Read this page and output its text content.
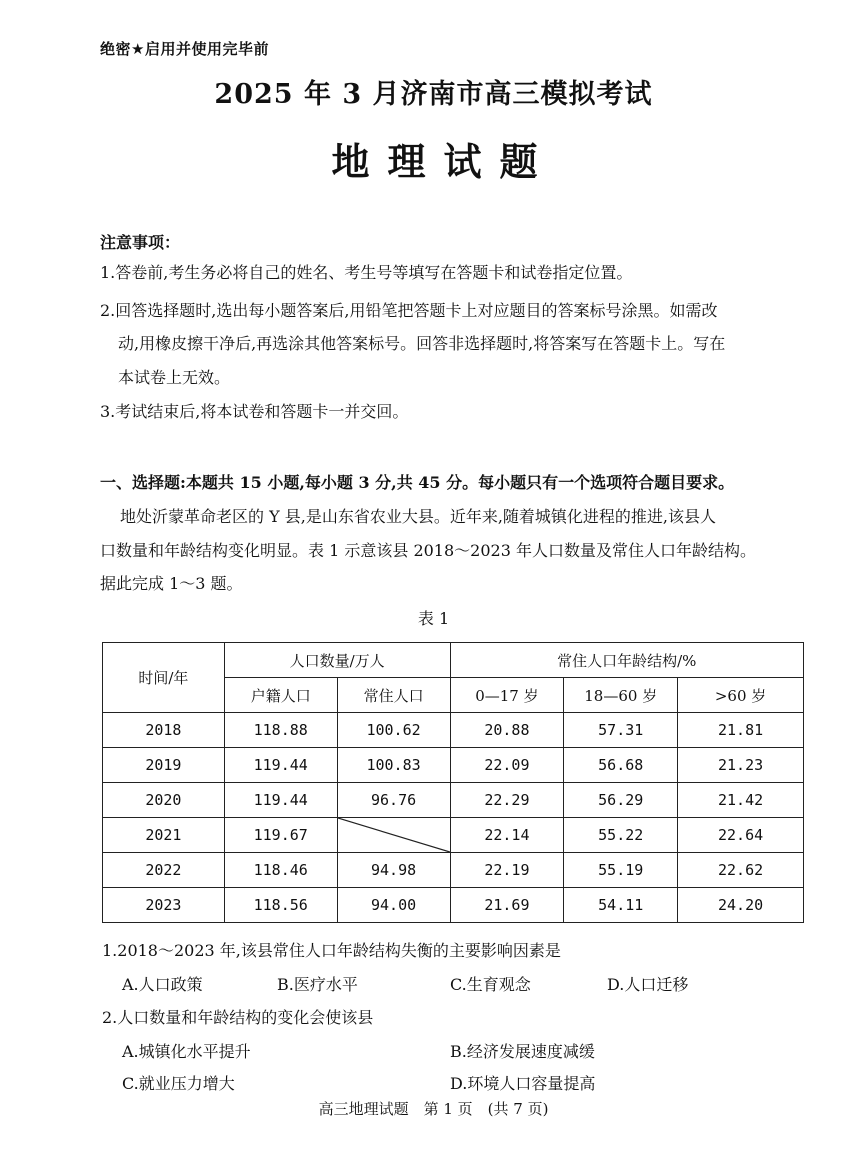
绝密★启用并使用完毕前
2025 年 3 月济南市高三模拟考试
地理试题
注意事项：
1.答卷前,考生务必将自己的姓名、考生号等填写在答题卡和试卷指定位置。
2.回答选择题时,选出每小题答案后,用铅笔把答题卡上对应题目的答案标号涂黑。如需改
动,用橡皮擦干净后,再选涂其他答案标号。回答非选择题时,将答案写在答题卡上。写在
本试卷上无效。
3.考试结束后,将本试卷和答题卡一并交回。
一、选择题:本题共 15 小题,每小题 3 分,共 45 分。每小题只有一个选项符合题目要求。
地处沂蒙革命老区的 Y 县,是山东省农业大县。近年来,随着城镇化进程的推进,该县人
口数量和年龄结构变化明显。表 1 示意该县 2018～2023 年人口数量及常住人口年龄结构。
据此完成 1～3 题。
表 1
时间/年	人口数量/万人		常住人口年龄结构/%		
	户籍人口	常住人口	0—17 岁	18—60 岁	>60 岁
2018	118.88	100.62	20.88	57.31	21.81
2019	119.44	100.83	22.09	56.68	21.23
2020	119.44	96.76	22.29	56.29	21.42
2021	119.67		22.14	55.22	22.64
2022	118.46	94.98	22.19	55.19	22.62
2023	118.56	94.00	21.69	54.11	24.20
1.2018～2023 年,该县常住人口年龄结构失衡的主要影响因素是
A.人口政策	B.医疗水平	C.生育观念	D.人口迁移
2.人口数量和年龄结构的变化会使该县
A.城镇化水平提升	B.经济发展速度减缓
C.就业压力增大	D.环境人口容量提高
高三地理试题　第 1 页　(共 7 页)
